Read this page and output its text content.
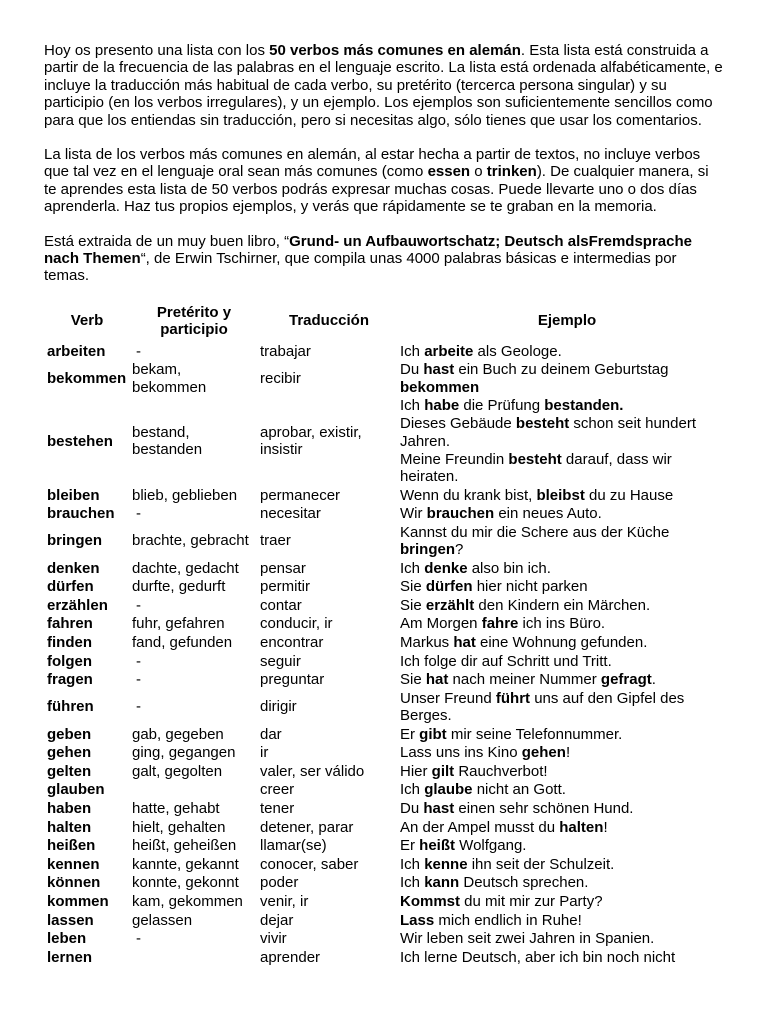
Hoy os presento una lista con los 50 verbos más comunes en alemán. Esta lista está construida a partir de la frecuencia de las palabras en el lenguaje escrito. La lista está ordenada alfabéticamente, e incluye la traducción más habitual de cada verbo, su pretérito (tercerca persona singular) y su participio (en los verbos irregulares), y un ejemplo. Los ejemplos son suficientemente sencillos como para que los entiendas sin traducción, pero si necesitas algo, sólo tienes que usar los comentarios.

La lista de los verbos más comunes en alemán, al estar hecha a partir de textos, no incluye verbos que tal vez en el lenguaje oral sean más comunes (como essen o trinken). De cualquier manera, si te aprendes esta lista de 50 verbos podrás expresar muchas cosas. Puede llevarte uno o dos días aprenderla. Haz tus propios ejemplos, y verás que rápidamente se te graban en la memoria.

Está extraida de un muy buen libro, “Grund- un Aufbauwortschatz; Deutsch alsFremdsprache nach Themen“, de Erwin Tschirner, que compila unas 4000 palabras básicas e intermedias por temas.

Verb	Pretérito y participio	Traducción	Ejemplo
arbeiten	-	trabajar	Ich arbeite als Geologe.

bekommen	bekam, bekommen	recibir	Du hast ein Buch zu deinem Geburtstag bekommen

bestehen	bestand, bestanden	aprobar, existir, insistir	Ich habe die Prüfung bestanden.
Dieses Gebäude besteht schon seit hundert Jahren.
Meine Freundin besteht darauf, dass wir heiraten.

bleiben	blieb, geblieben	permanecer	Wenn du krank bist, bleibst du zu Hause

brauchen	-	necesitar	Wir brauchen ein neues Auto.

bringen	brachte, gebracht	traer	Kannst du mir die Schere aus der Küche bringen?

denken	dachte, gedacht	pensar	Ich denke also bin ich.

dürfen	durfte, gedurft	permitir	Sie dürfen hier nicht parken

erzählen	-	contar	Sie erzählt den Kindern ein Märchen.

fahren	fuhr, gefahren	conducir, ir	Am Morgen fahre ich ins Büro.

finden	fand, gefunden	encontrar	Markus hat eine Wohnung gefunden.

folgen	-	seguir	Ich folge dir auf Schritt und Tritt.

fragen	-	preguntar	Sie hat nach meiner Nummer gefragt.

führen	-	dirigir	Unser Freund führt uns auf den Gipfel des Berges.

geben	gab, gegeben	dar	Er gibt mir seine Telefonnummer.

gehen	ging, gegangen	ir	Lass uns ins Kino gehen!

gelten	galt, gegolten	valer, ser válido	Hier gilt Rauchverbot!

glauben		creer	Ich glaube nicht an Gott.

haben	hatte, gehabt	tener	Du hast einen sehr schönen Hund.

halten	hielt, gehalten	detener, parar	An der Ampel musst du halten!

heißen	heißt, geheißen	llamar(se)	Er heißt Wolfgang.

kennen	kannte, gekannt	conocer, saber	Ich kenne ihn seit der Schulzeit.

können	konnte, gekonnt	poder	Ich kann Deutsch sprechen.

kommen	kam, gekommen	venir, ir	Kommst du mit mir zur Party?

lassen	gelassen	dejar	Lass mich endlich in Ruhe!

leben	-	vivir	Wir leben seit zwei Jahren in Spanien.

lernen		aprender	Ich lerne Deutsch, aber ich bin noch nicht
